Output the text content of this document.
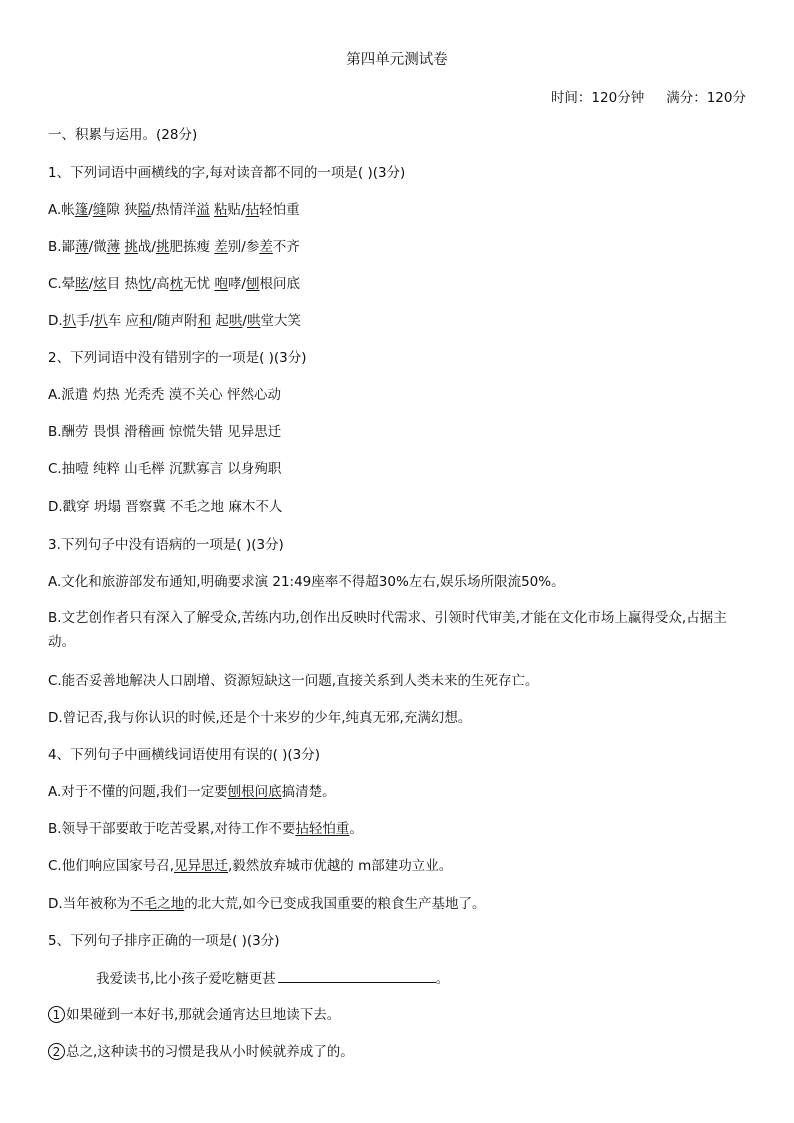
第四单元测试卷
时间：120分钟 满分：120分
一、积累与运用。(28分)
1、下列词语中画横线的字,每对读音都不同的一项是( )(3分)
A.帐篷/缝隙 狭隘/热情洋溢 粘贴/拈轻怕重
B.鄙薄/微薄 挑战/挑肥拣瘦 差别/参差不齐
C.晕眩/炫目 热忱/高枕无忧 咆哮/刨根问底
D.扒手/扒车 应和/随声附和 起哄/哄堂大笑
2、下列词语中没有错别字的一项是( )(3分)
A.派遣 灼热 光秃秃 漠不关心 怦然心动
B.酬劳 畏惧 滑稽画 惊慌失错 见异思迁
C.抽噎 纯粹 山毛榉 沉默寡言 以身殉职
D.戳穿 坍塌 晋察冀 不毛之地 麻木不人
3.下列句子中没有语病的一项是( )(3分)
A.文化和旅游部发布通知,明确要求演 21:49座率不得超30%左右,娱乐场所限流50%。
B.文艺创作者只有深入了解受众,苦练内功,创作出反映时代需求、引领时代审美,才能在文化市场上赢得受众,占据主动。
C.能否妥善地解决人口剧增、资源短缺这一问题,直接关系到人类未来的生死存亡。
D.曾记否,我与你认识的时候,还是个十来岁的少年,纯真无邪,充满幻想。
4、下列句子中画横线词语使用有误的( )(3分)
A.对于不懂的问题,我们一定要刨根问底搞清楚。
B.领导干部要敢于吃苦受累,对待工作不要拈轻怕重。
C.他们响应国家号召,见异思迁,毅然放弃城市优越的 m部建功立业。
D.当年被称为不毛之地的北大荒,如今已变成我国重要的粮食生产基地了。
5、下列句子排序正确的一项是( )(3分)
我爱读书,比小孩子爱吃糖更甚	。
1 如果碰到一本好书,那就会通宵达旦地读下去。
2 总之,这种读书的习惯是我从小时候就养成了的。
